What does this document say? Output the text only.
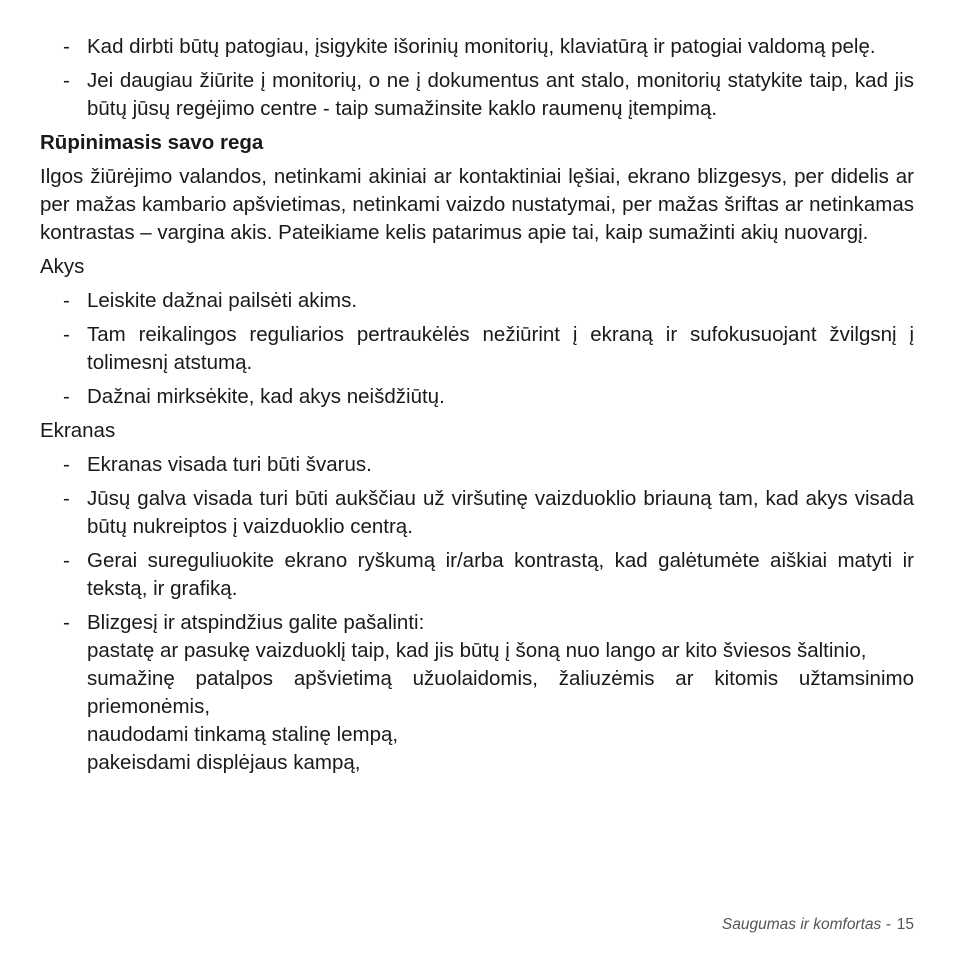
- Kad dirbti būtų patogiau, įsigykite išorinių monitorių, klaviatūrą ir patogiai valdomą pelę.
- Jei daugiau žiūrite į monitorių, o ne į dokumentus ant stalo, monitorių statykite taip, kad jis būtų jūsų regėjimo centre - taip sumažinsite kaklo raumenų įtempimą.
Rūpinimasis savo rega

Ilgos žiūrėjimo valandos, netinkami akiniai ar kontaktiniai lęšiai, ekrano blizgesys, per didelis ar per mažas kambario apšvietimas, netinkami vaizdo nustatymai, per mažas šriftas ar netinkamas kontrastas – vargina akis. Pateikiame kelis patarimus apie tai, kaip sumažinti akių nuovargį.

Akys
- Leiskite dažnai pailsėti akims.
- Tam reikalingos reguliarios pertraukėlės nežiūrint į ekraną ir sufokusuojant žvilgsnį į tolimesnį atstumą.
- Dažnai mirksėkite, kad akys neišdžiūtų.
Ekranas
- Ekranas visada turi būti švarus.
- Jūsų galva visada turi būti aukščiau už viršutinę vaizduoklio briauną tam, kad akys visada būtų nukreiptos į vaizduoklio centrą.
- Gerai sureguliuokite ekrano ryškumą ir/arba kontrastą, kad galėtumėte aiškiai matyti ir tekstą, ir grafiką.
- Blizgesį ir atspindžius galite pašalinti:
pastatę ar pasukę vaizduoklį taip, kad jis būtų į šoną nuo lango ar kito šviesos šaltinio,
sumažinę patalpos apšvietimą užuolaidomis, žaliuzėmis ar kitomis užtamsinimo priemonėmis,
naudodami tinkamą stalinę lempą,
pakeisdami displėjaus kampą,
Saugumas ir komfortas - 15
